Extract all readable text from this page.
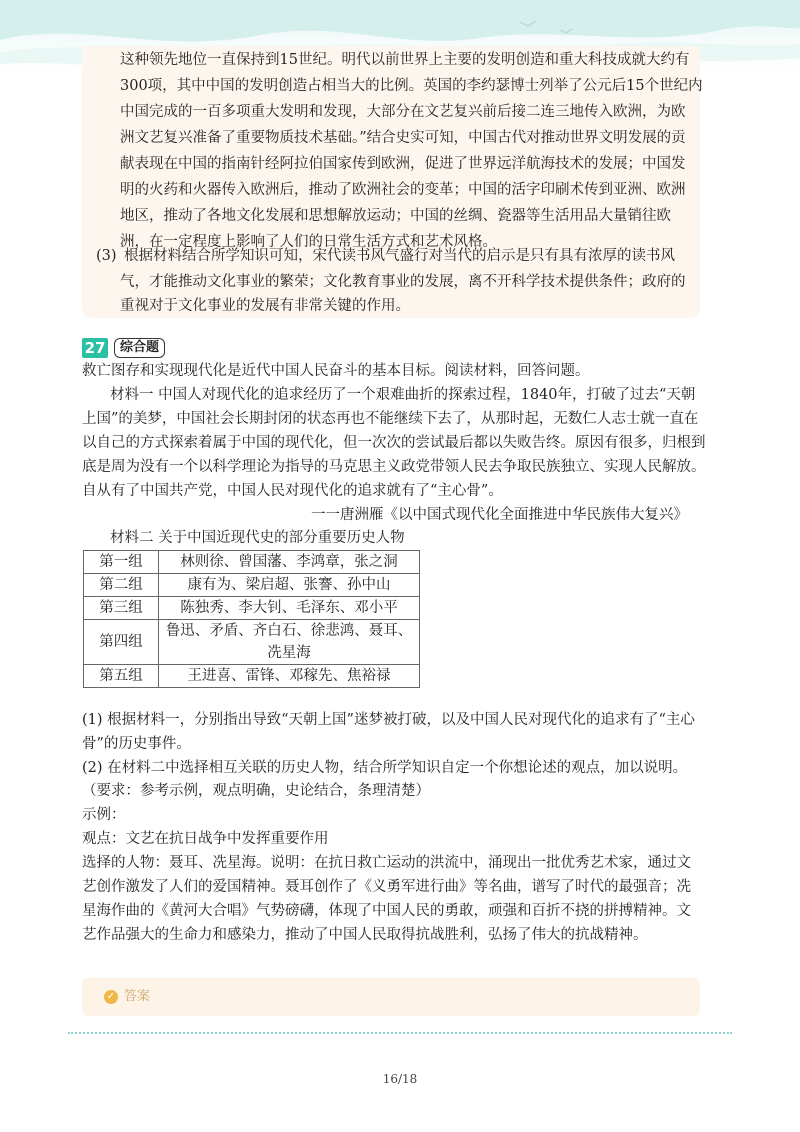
这种领先地位一直保持到15世纪。明代以前世界上主要的发明创造和重大科技成就大约有
300项，其中中国的发明创造占相当大的比例。英国的李约瑟博士列举了公元后15个世纪内
中国完成的一百多项重大发明和发现，大部分在文艺复兴前后接二连三地传入欧洲，为欧
洲文艺复兴准备了重要物质技术基础。”结合史实可知，中国古代对推动世界文明发展的贡
献表现在中国的指南针经阿拉伯国家传到欧洲，促进了世界远洋航海技术的发展；中国发
明的火药和火器传入欧洲后，推动了欧洲社会的变革；中国的活字印刷术传到亚洲、欧洲
地区，推动了各地文化发展和思想解放运动；中国的丝绸、瓷器等生活用品大量销往欧
洲，在一定程度上影响了人们的日常生活方式和艺术风格。
(3) 根据材料结合所学知识可知，宋代读书风气盛行对当代的启示是只有具有浓厚的读书风
气，才能推动文化事业的繁荣；文化教育事业的发展，离不开科学技术提供条件；政府的
重视对于文化事业的发展有非常关键的作用。
27	综合题
救亡图存和实现现代化是近代中国人民奋斗的基本目标。阅读材料，回答问题。
材料一 中国人对现代化的追求经历了一个艰难曲折的探索过程，1840年，打破了过去“天朝
上国”的美梦，中国社会长期封闭的状态再也不能继续下去了，从那时起，无数仁人志士就一直在
以自己的方式探索着属于中国的现代化，但一次次的尝试最后都以失败告终。原因有很多，归根到
底是周为没有一个以科学理论为指导的马克思主义政党带领人民去争取民族独立、实现人民解放。
自从有了中国共产党，中国人民对现代化的追求就有了“主心骨”。
一一唐洲雁《以中国式现代化全面推进中华民族伟大复兴》
材料二 关于中国近现代史的部分重要历史人物
第一组	林则徐、曾国藩、李鸿章，张之洞
第二组	康有为、梁启超、张謇、孙中山
第三组	陈独秀、李大钊、毛泽东、邓小平
第四组	鲁迅、矛盾、齐白石、徐悲鸿、聂耳、
冼星海

第五组	王进喜、雷锋、邓稼先、焦裕禄
(1) 根据材料一，分别指出导致“天朝上国”迷梦被打破，以及中国人民对现代化的追求有了“主心
骨”的历史事件。
(2) 在材料二中选择相互关联的历史人物，结合所学知识自定一个你想论述的观点，加以说明。
（要求：参考示例，观点明确，史论结合，条理清楚）
示例：
观点：文艺在抗日战争中发挥重要作用
选择的人物：聂耳、冼星海。说明：在抗日救亡运动的洪流中，涌现出一批优秀艺术家，通过文
艺创作激发了人们的爱国精神。聂耳创作了《义勇军进行曲》等名曲，谱写了时代的最强音；冼
星海作曲的《黄河大合唱》气势磅礴，体现了中国人民的勇敢，顽强和百折不挠的拼搏精神。文
艺作品强大的生命力和感染力，推动了中国人民取得抗战胜利，弘扬了伟大的抗战精神。
✓ 答案
16/18
